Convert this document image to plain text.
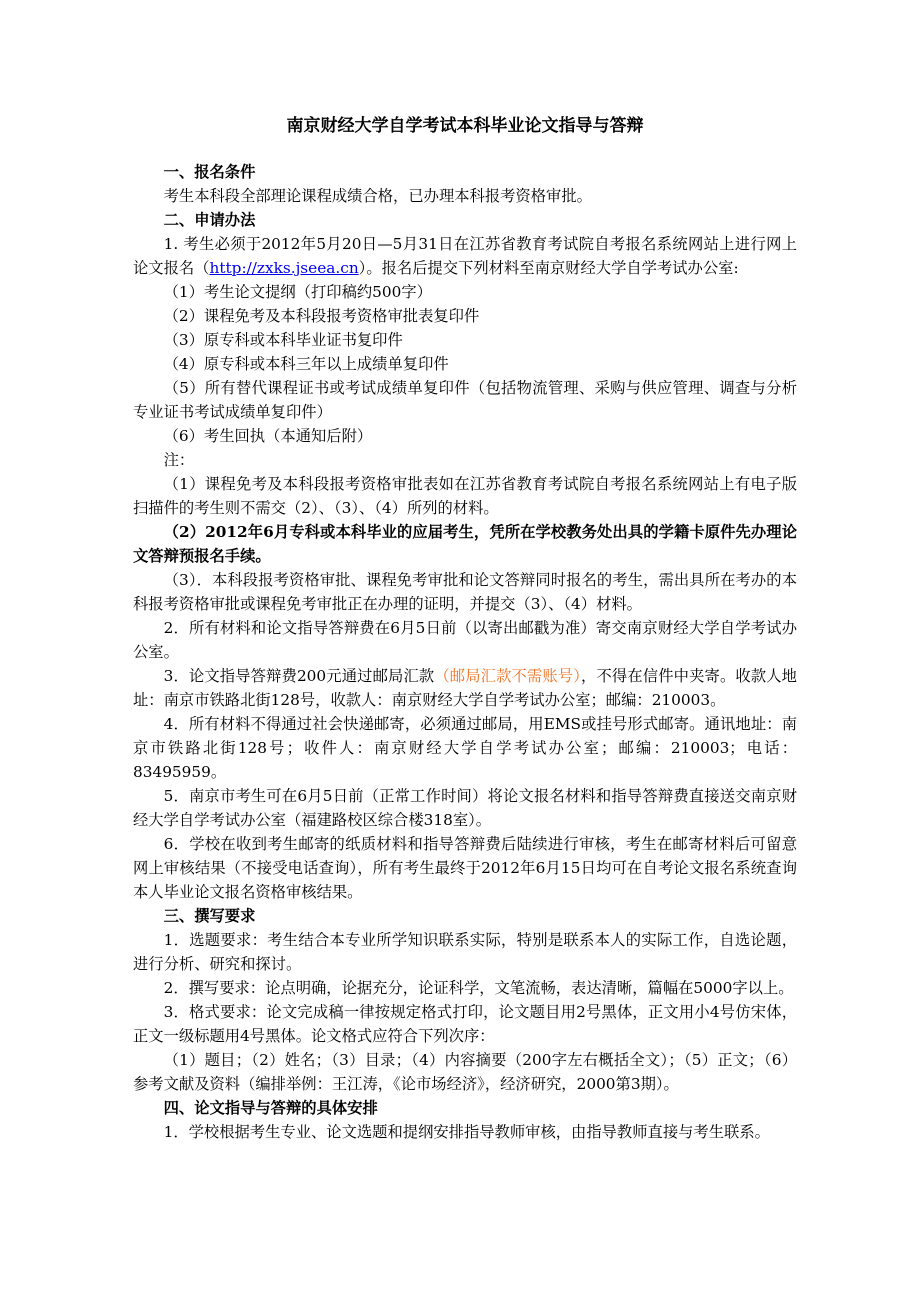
南京财经大学自学考试本科毕业论文指导与答辩

一、报名条件

考生本科段全部理论课程成绩合格，已办理本科报考资格审批。

二、申请办法

1. 考生必须于2012年5月20日—5月31日在江苏省教育考试院自考报名系统网站上进行网上论文报名（http://zxks.jseea.cn）。报名后提交下列材料至南京财经大学自学考试办公室:

（1）考生论文提纲（打印稿约500字）

（2）课程免考及本科段报考资格审批表复印件

（3）原专科或本科毕业证书复印件

（4）原专科或本科三年以上成绩单复印件

（5）所有替代课程证书或考试成绩单复印件（包括物流管理、采购与供应管理、调查与分析专业证书考试成绩单复印件）

（6）考生回执（本通知后附）

注：

（1）课程免考及本科段报考资格审批表如在江苏省教育考试院自考报名系统网站上有电子版扫描件的考生则不需交（2）、（3）、（4）所列的材料。

（2）2012年6月专科或本科毕业的应届考生，凭所在学校教务处出具的学籍卡原件先办理论文答辩预报名手续。

（3）．本科段报考资格审批、课程免考审批和论文答辩同时报名的考生，需出具所在考办的本科报考资格审批或课程免考审批正在办理的证明，并提交（3）、（4）材料。

2．所有材料和论文指导答辩费在6月5日前（以寄出邮戳为准）寄交南京财经大学自学考试办公室。

3．论文指导答辩费200元通过邮局汇款（邮局汇款不需账号），不得在信件中夹寄。收款人地址：南京市铁路北街128号，收款人：南京财经大学自学考试办公室；邮编：210003。

4．所有材料不得通过社会快递邮寄，必须通过邮局，用EMS或挂号形式邮寄。通讯地址：南京市铁路北街128号；收件人：南京财经大学自学考试办公室；邮编：210003；电话：83495959。

5．南京市考生可在6月5日前（正常工作时间）将论文报名材料和指导答辩费直接送交南京财经大学自学考试办公室（福建路校区综合楼318室）。

6．学校在收到考生邮寄的纸质材料和指导答辩费后陆续进行审核，考生在邮寄材料后可留意网上审核结果（不接受电话查询），所有考生最终于2012年6月15日均可在自考论文报名系统查询本人毕业论文报名资格审核结果。

三、撰写要求

1．选题要求：考生结合本专业所学知识联系实际，特别是联系本人的实际工作，自选论题，进行分析、研究和探讨。

2．撰写要求：论点明确，论据充分，论证科学，文笔流畅，表达清晰，篇幅在5000字以上。

3．格式要求：论文完成稿一律按规定格式打印，论文题目用2号黑体，正文用小4号仿宋体，正文一级标题用4号黑体。论文格式应符合下列次序：

（1）题目；（2）姓名；（3）目录；（4）内容摘要（200字左右概括全文）；（5）正文；（6）参考文献及资料（编排举例：王江涛，《论市场经济》，经济研究，2000第3期）。

四、论文指导与答辩的具体安排

1．学校根据考生专业、论文选题和提纲安排指导教师审核，由指导教师直接与考生联系。
